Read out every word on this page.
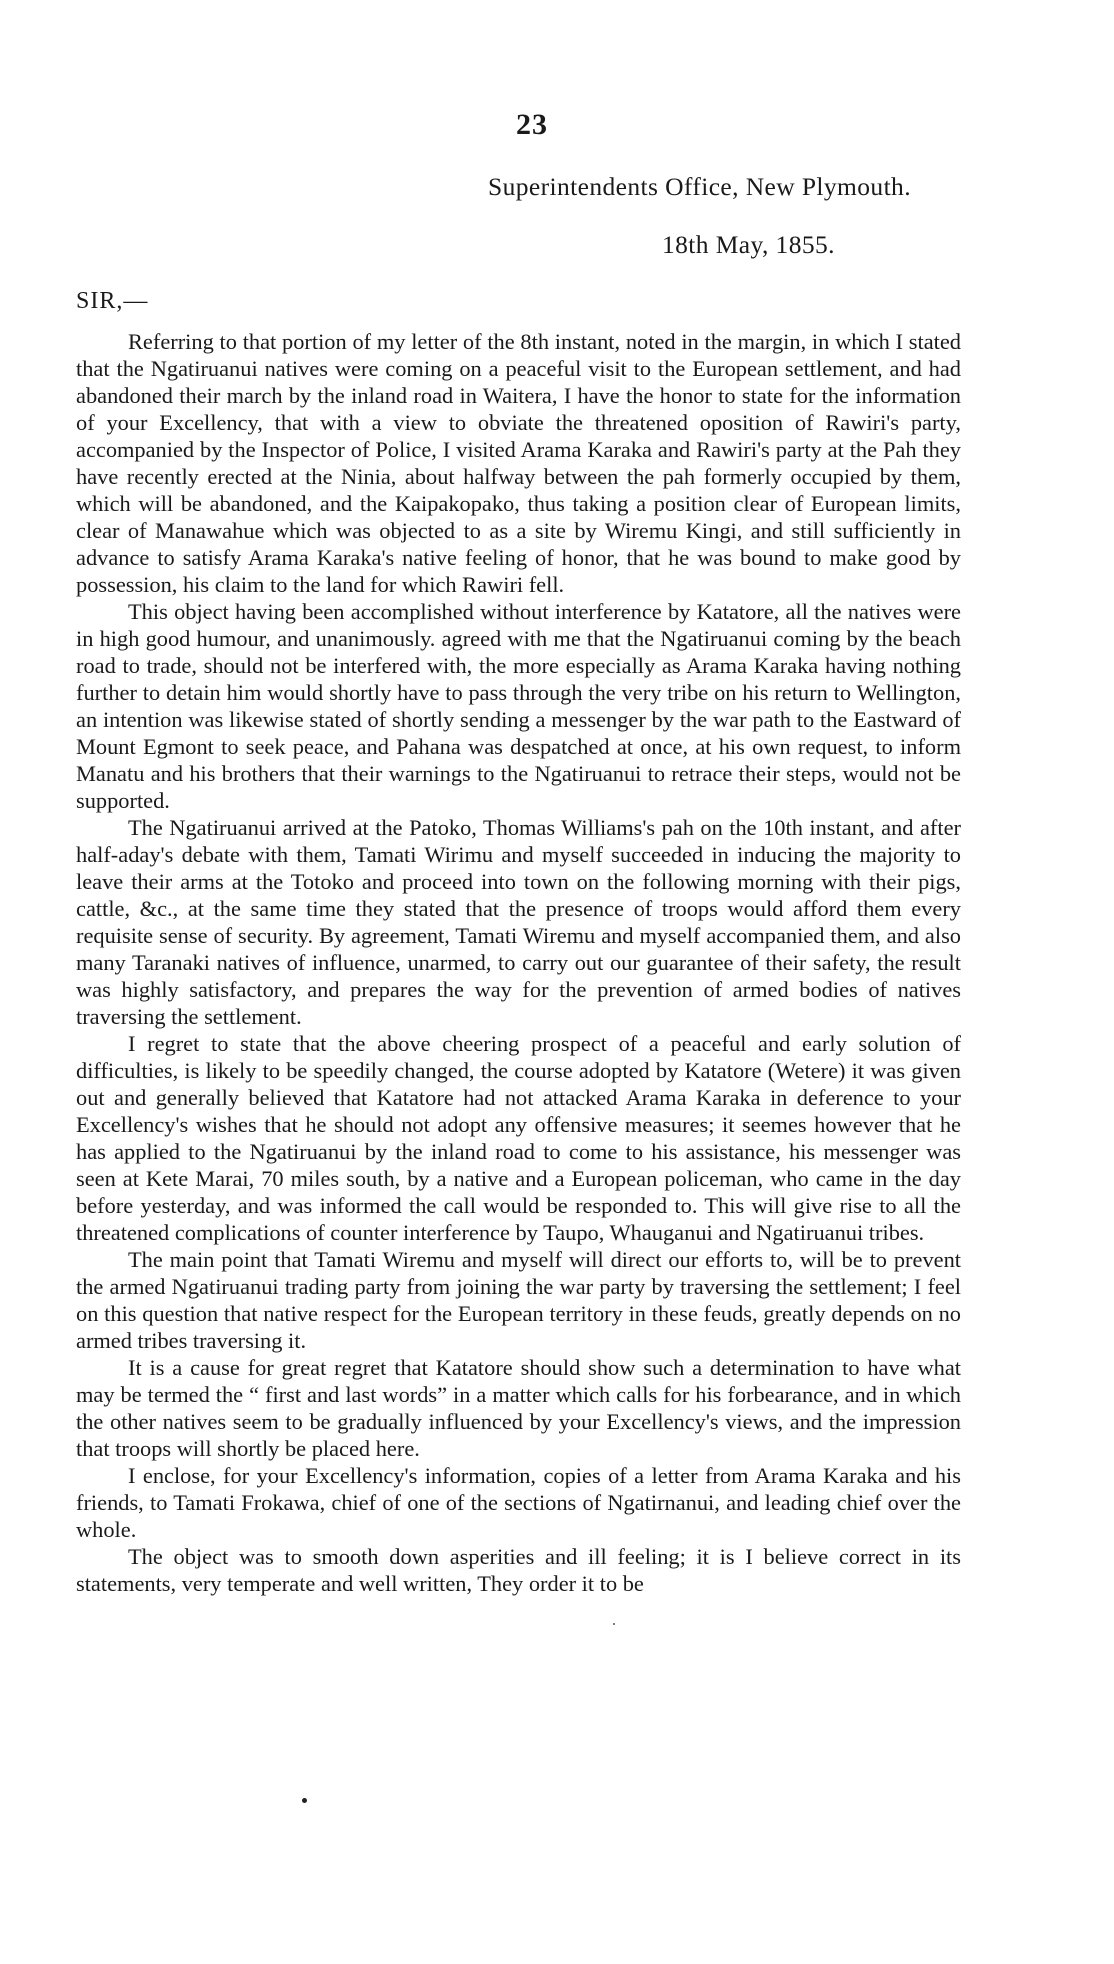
23
Superintendents Office, New Plymouth.
18th May, 1855.
SIR,—

Referring to that portion of my letter of the 8th instant, noted in the margin, in which I stated that the Ngatiruanui natives were coming on a peaceful visit to the European settlement, and had abandoned their march by the inland road in Waitera, I have the honor to state for the information of your Excellency, that with a view to obviate the threatened oposition of Rawiri's party, accompanied by the Inspector of Police, I visited Arama Karaka and Rawiri's party at the Pah they have recently erected at the Ninia, about halfway between the pah formerly occupied by them, which will be abandoned, and the Kaipakopako, thus taking a position clear of European limits, clear of Manawahue which was objected to as a site by Wiremu Kingi, and still sufficiently in advance to satisfy Arama Karaka's native feeling of honor, that he was bound to make good by possession, his claim to the land for which Rawiri fell.

This object having been accomplished without interference by Katatore, all the natives were in high good humour, and unanimously. agreed with me that the Ngatiruanui coming by the beach road to trade, should not be interfered with, the more especially as Arama Karaka having nothing further to detain him would shortly have to pass through the very tribe on his return to Wellington, an intention was likewise stated of shortly sending a messenger by the war path to the Eastward of Mount Egmont to seek peace, and Pahana was despatched at once, at his own request, to inform Manatu and his brothers that their warnings to the Ngatiruanui to retrace their steps, would not be supported.

The Ngatiruanui arrived at the Patoko, Thomas Williams's pah on the 10th instant, and after half-aday's debate with them, Tamati Wirimu and myself succeeded in inducing the majority to leave their arms at the Totoko and proceed into town on the following morning with their pigs, cattle, &c., at the same time they stated that the presence of troops would afford them every requisite sense of security. By agreement, Tamati Wiremu and myself accompanied them, and also many Taranaki natives of influence, unarmed, to carry out our guarantee of their safety, the result was highly satisfactory, and prepares the way for the prevention of armed bodies of natives traversing the settlement.

I regret to state that the above cheering prospect of a peaceful and early solution of difficulties, is likely to be speedily changed, the course adopted by Katatore (Wetere) it was given out and generally believed that Katatore had not attacked Arama Karaka in deference to your Excellency's wishes that he should not adopt any offensive measures; it seemes however that he has applied to the Ngatiruanui by the inland road to come to his assistance, his messenger was seen at Kete Marai, 70 miles south, by a native and a European policeman, who came in the day before yesterday, and was informed the call would be responded to. This will give rise to all the threatened complications of counter interference by Taupo, Whauganui and Ngatiruanui tribes.

The main point that Tamati Wiremu and myself will direct our efforts to, will be to prevent the armed Ngatiruanui trading party from joining the war party by traversing the settlement; I feel on this question that native respect for the European territory in these feuds, greatly depends on no armed tribes traversing it.

It is a cause for great regret that Katatore should show such a determination to have what may be termed the “ first and last words” in a matter which calls for his forbearance, and in which the other natives seem to be gradually influenced by your Excellency's views, and the impression that troops will shortly be placed here.

I enclose, for your Excellency's information, copies of a letter from Arama Karaka and his friends, to Tamati Frokawa, chief of one of the sections of Ngatirnanui, and leading chief over the whole.

The object was to smooth down asperities and ill feeling; it is I believe correct in its statements, very temperate and well written, They order it to be
